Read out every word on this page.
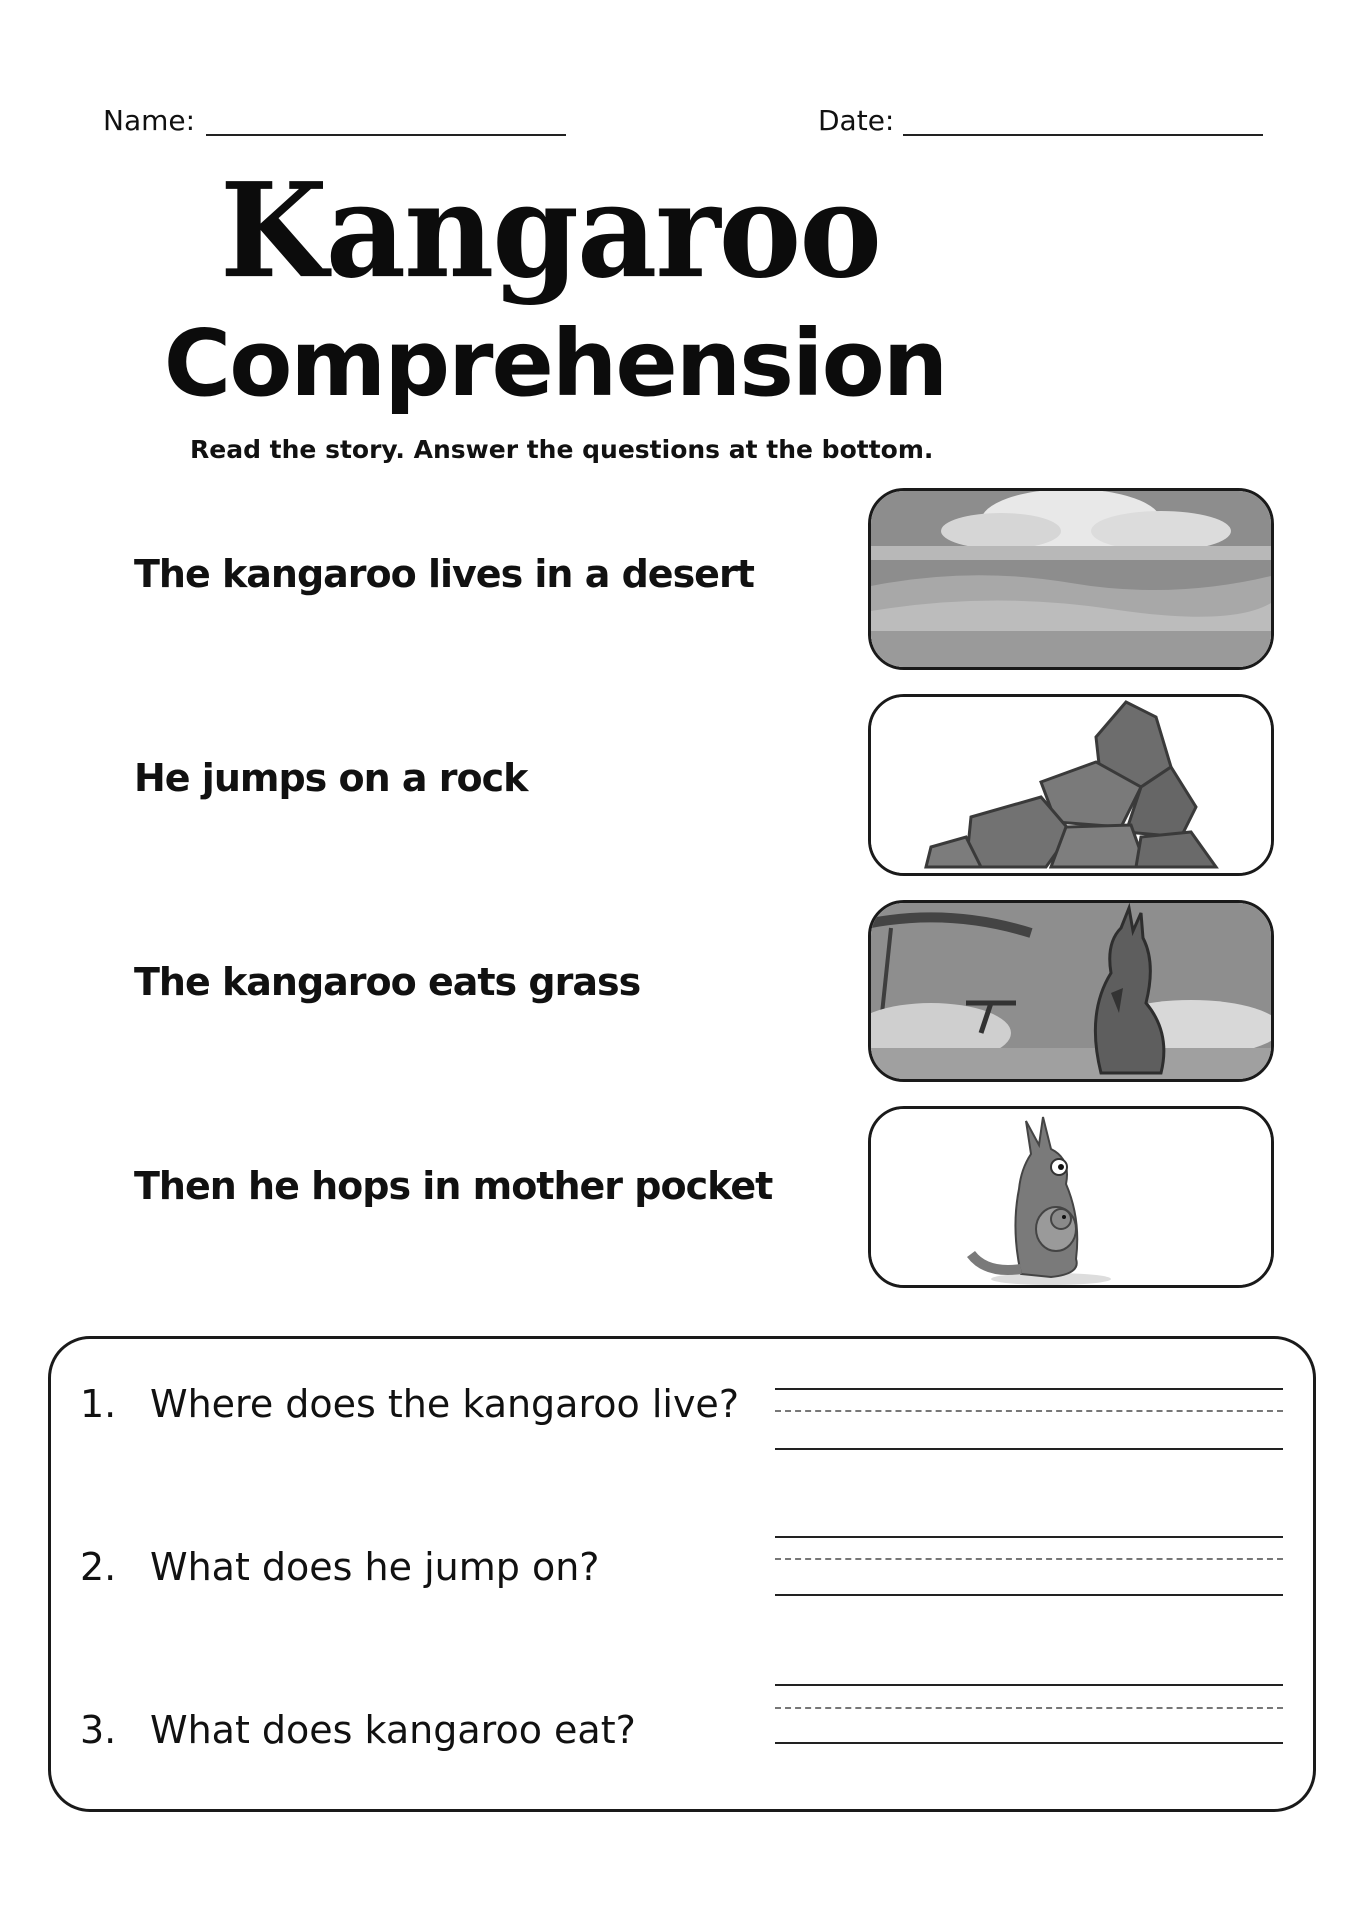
Name:	Date:
Kangaroo
Comprehension
Read the story. Answer the questions at the bottom.
The kangaroo lives in a desert
He jumps on a rock
The kangaroo eats grass
Then he hops in mother pocket
1. Where does the kangaroo live?
2. What does he jump on?
3. What does kangaroo eat?
